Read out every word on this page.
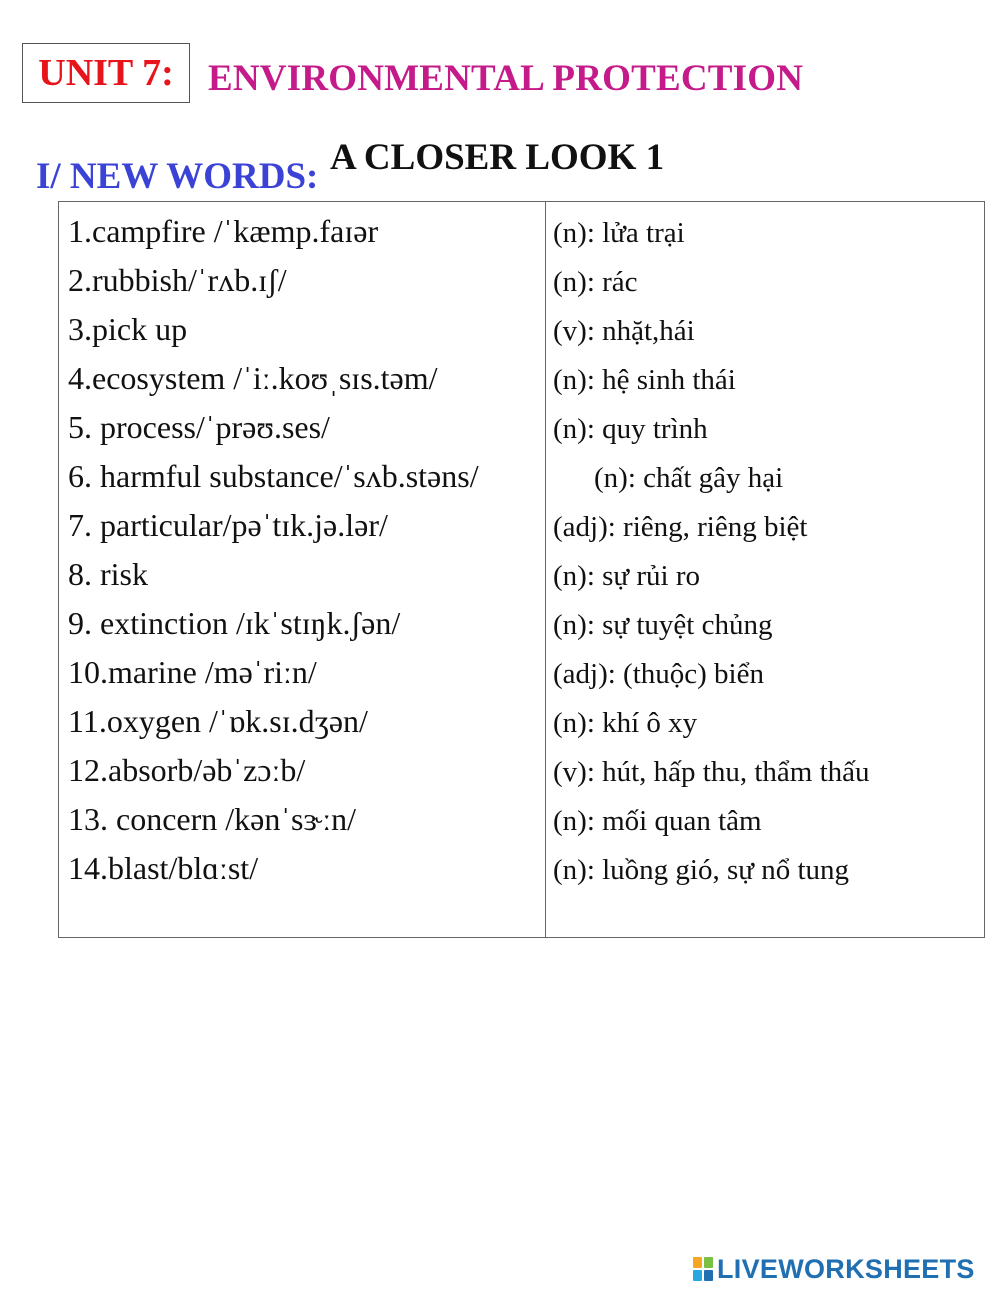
UNIT 7: ENVIRONMENTAL PROTECTION
A CLOSER LOOK 1
I/ NEW WORDS:
1.campfire /ˈkæmp.faɪər
2.rubbish/ˈrʌb.ɪʃ/
3.pick up
4.ecosystem /ˈiː.koʊˌsɪs.təm/
5. process/ˈprəʊ.ses/
6. harmful substance/ˈsʌb.stəns/
7. particular/pəˈtɪk.jə.lər/
8. risk
9. extinction /ɪkˈstɪŋk.ʃən/
10.marine /məˈriːn/
11.oxygen /ˈɒk.sɪ.dʒən/
12.absorb/əbˈzɔːb/
13. concern /kənˈsɝːn/
14.blast/blɑːst/
(n): lửa trại
(n): rác
(v): nhặt,hái
(n): hệ sinh thái
(n): quy trình
(n): chất gây hại
(adj): riêng, riêng biệt
(n): sự rủi ro
(n): sự tuyệt chủng
(adj): (thuộc) biển
(n): khí ô xy
(v): hút, hấp thu, thẩm thấu
(n): mối quan tâm
(n): luồng gió, sự nổ tung
LIVEWORKSHEETS
